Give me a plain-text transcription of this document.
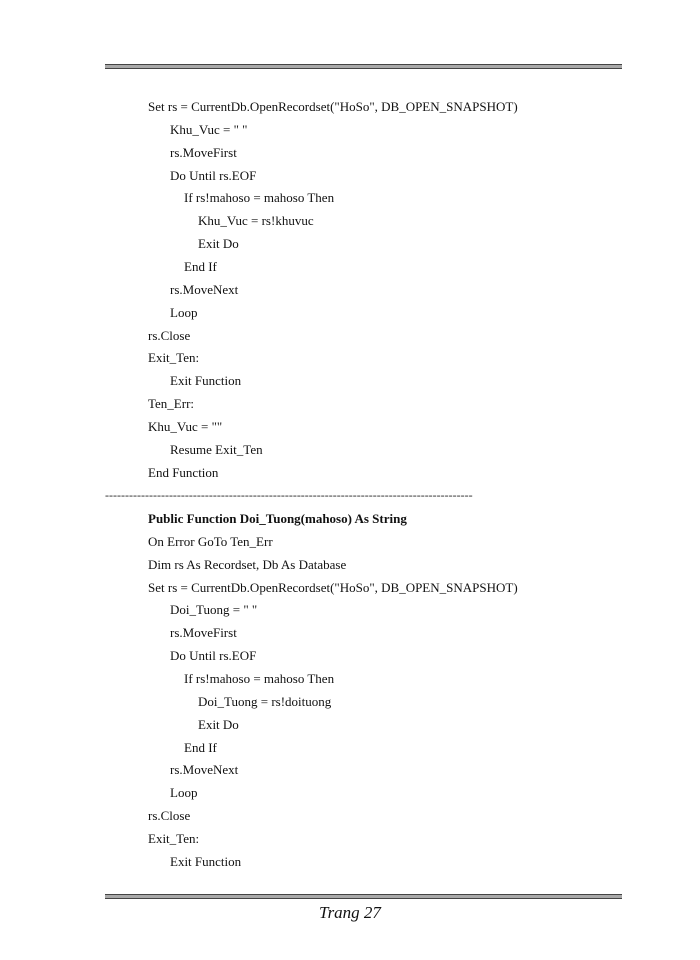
Set rs = CurrentDb.OpenRecordset("HoSo", DB_OPEN_SNAPSHOT)
Khu_Vuc = " "
rs.MoveFirst
Do Until rs.EOF
If rs!mahoso = mahoso Then
Khu_Vuc = rs!khuvuc
Exit Do
End If
rs.MoveNext
Loop
rs.Close
Exit_Ten:
Exit Function
Ten_Err:
Khu_Vuc = ""
Resume Exit_Ten
End Function
--------------------------------------------------------------------------------------------
Public Function Doi_Tuong(mahoso) As String
On Error GoTo Ten_Err
Dim rs As Recordset, Db As Database
Set rs = CurrentDb.OpenRecordset("HoSo", DB_OPEN_SNAPSHOT)
Doi_Tuong = " "
rs.MoveFirst
Do Until rs.EOF
If rs!mahoso = mahoso Then
Doi_Tuong = rs!doituong
Exit Do
End If
rs.MoveNext
Loop
rs.Close
Exit_Ten:
Exit Function
Trang 27
